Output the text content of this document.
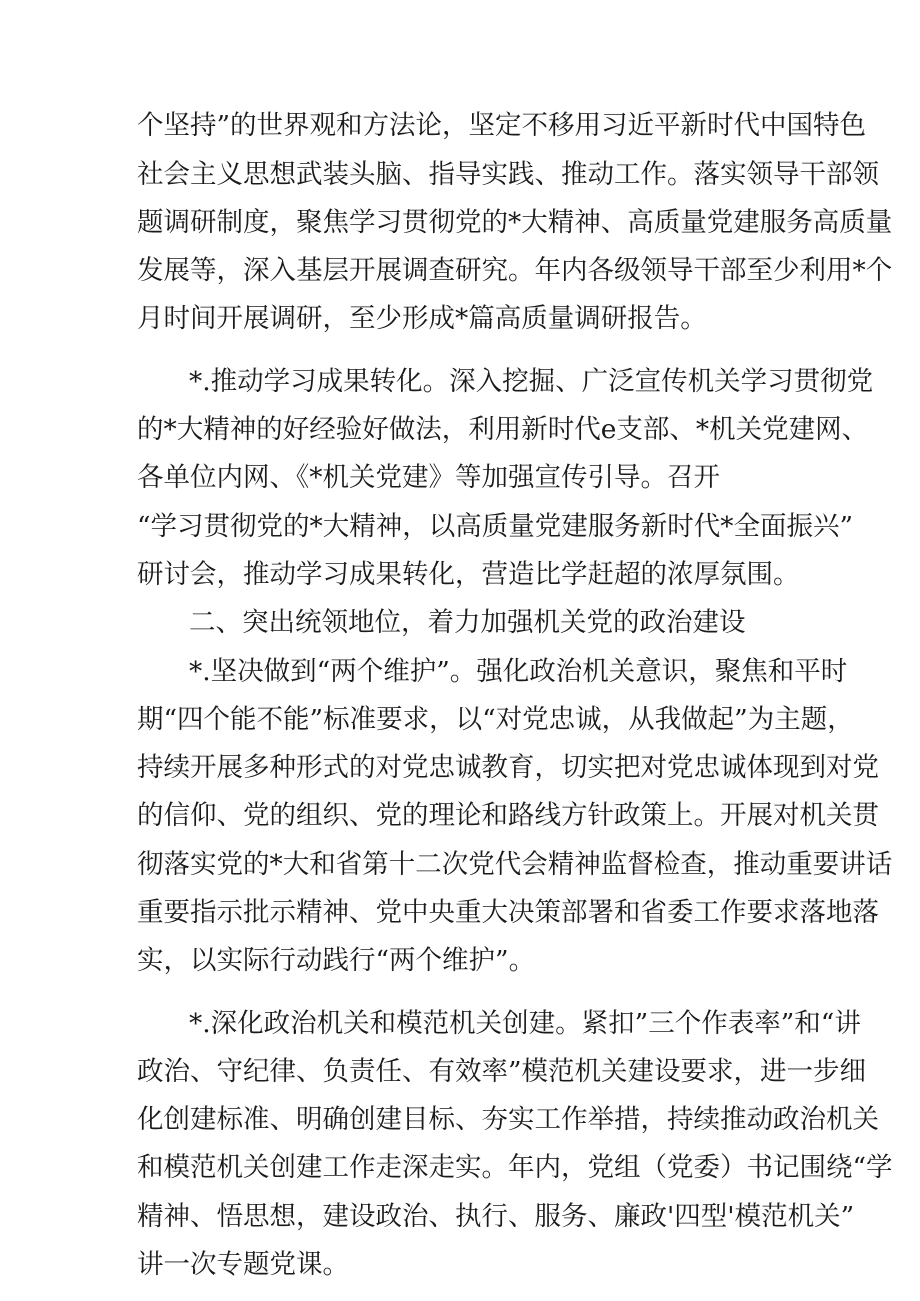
个坚持”的世界观和方法论，坚定不移用习近平新时代中国特色
社会主义思想武装头脑、指导实践、推动工作。落实领导干部领
题调研制度，聚焦学习贯彻党的*大精神、高质量党建服务高质量
发展等，深入基层开展调查研究。年内各级领导干部至少利用*个
月时间开展调研，至少形成*篇高质量调研报告。
*.推动学习成果转化。深入挖掘、广泛宣传机关学习贯彻党
的*大精神的好经验好做法，利用新时代e支部、*机关党建网、
各单位内网、《*机关党建》等加强宣传引导。召开
“学习贯彻党的*大精神，以高质量党建服务新时代*全面振兴”
研讨会，推动学习成果转化，营造比学赶超的浓厚氛围。
二、突出统领地位，着力加强机关党的政治建设
*.坚决做到“两个维护”。强化政治机关意识，聚焦和平时
期“四个能不能”标准要求，以“对党忠诚，从我做起”为主题，
持续开展多种形式的对党忠诚教育，切实把对党忠诚体现到对党
的信仰、党的组织、党的理论和路线方针政策上。开展对机关贯
彻落实党的*大和省第十二次党代会精神监督检查，推动重要讲话
重要指示批示精神、党中央重大决策部署和省委工作要求落地落
实，以实际行动践行“两个维护”。
*.深化政治机关和模范机关创建。紧扣”三个作表率”和“讲
政治、守纪律、负责任、有效率”模范机关建设要求，进一步细
化创建标准、明确创建目标、夯实工作举措，持续推动政治机关
和模范机关创建工作走深走实。年内，党组（党委）书记围绕“学
精神、悟思想，建设政治、执行、服务、廉政'四型'模范机关”
讲一次专题党课。
